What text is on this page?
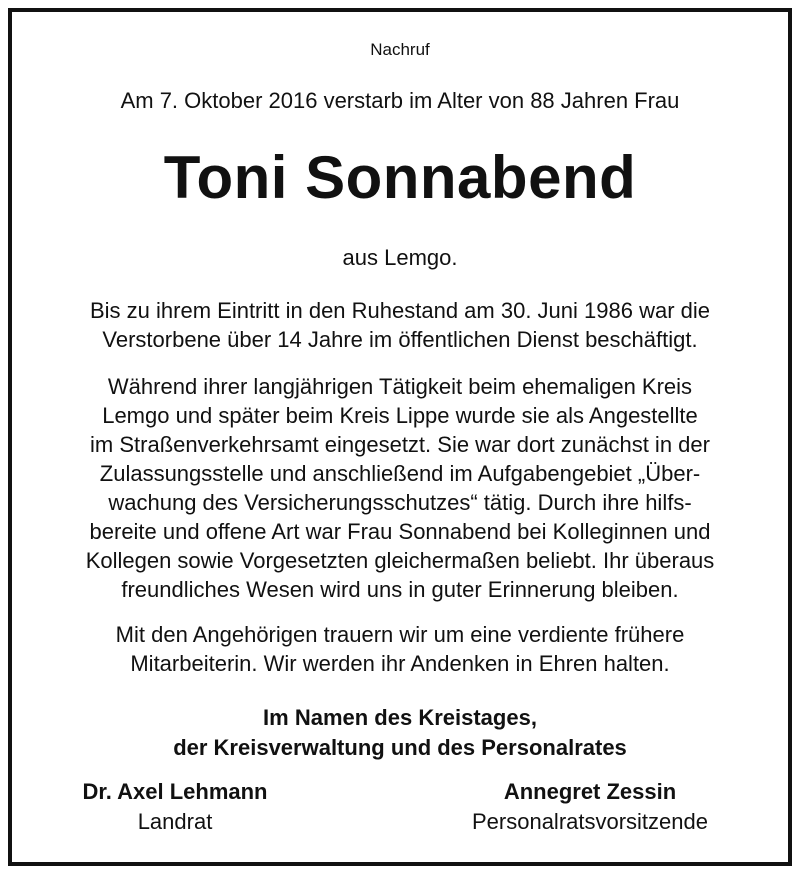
Nachruf

Am 7. Oktober 2016 verstarb im Alter von 88 Jahren Frau

Toni Sonnabend

aus Lemgo.

Bis zu ihrem Eintritt in den Ruhestand am 30. Juni 1986 war die
Verstorbene über 14 Jahre im öffentlichen Dienst beschäftigt.

Während ihrer langjährigen Tätigkeit beim ehemaligen Kreis
Lemgo und später beim Kreis Lippe wurde sie als Angestellte
im Straßenverkehrsamt eingesetzt. Sie war dort zunächst in der
Zulassungsstelle und anschließend im Aufgabengebiet „Über-
wachung des Versicherungsschutzes“ tätig. Durch ihre hilfs-
bereite und offene Art war Frau Sonnabend bei Kolleginnen und
Kollegen sowie Vorgesetzten gleichermaßen beliebt. Ihr überaus
freundliches Wesen wird uns in guter Erinnerung bleiben.

Mit den Angehörigen trauern wir um eine verdiente frühere
Mitarbeiterin. Wir werden ihr Andenken in Ehren halten.

Im Namen des Kreistages,

der Kreisverwaltung und des Personalrates

Dr. Axel Lehmann
Landrat
Annegret Zessin
Personalratsvorsitzende
